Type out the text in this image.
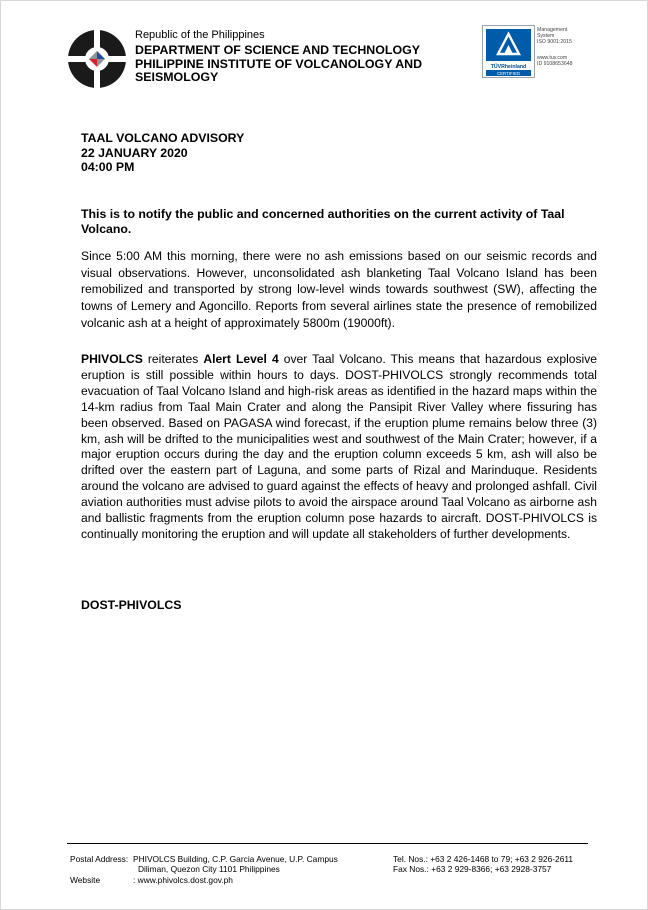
Republic of the Philippines
DEPARTMENT OF SCIENCE AND TECHNOLOGY
PHILIPPINE INSTITUTE OF VOLCANOLOGY AND SEISMOLOGY
TÜVRheinland
CERTIFIED
Management
System
ISO 9001:2015
www.tuv.com
ID 9108653648
TAAL VOLCANO ADVISORY
22 JANUARY 2020
04:00 PM
This is to notify the public and concerned authorities on the current activity of Taal Volcano.
Since 5:00 AM this morning, there were no ash emissions based on our seismic records and visual observations. However, unconsolidated ash blanketing Taal Volcano Island has been remobilized and transported by strong low-level winds towards southwest (SW), affecting the towns of Lemery and Agoncillo. Reports from several airlines state the presence of remobilized volcanic ash at a height of approximately 5800m (19000ft).
PHIVOLCS reiterates Alert Level 4 over Taal Volcano. This means that hazardous explosive eruption is still possible within hours to days. DOST-PHIVOLCS strongly recommends total evacuation of Taal Volcano Island and high-risk areas as identified in the hazard maps within the 14-km radius from Taal Main Crater and along the Pansipit River Valley where fissuring has been observed. Based on PAGASA wind forecast, if the eruption plume remains below three (3) km, ash will be drifted to the municipalities west and southwest of the Main Crater; however, if a major eruption occurs during the day and the eruption column exceeds 5 km, ash will also be drifted over the eastern part of Laguna, and some parts of Rizal and Marinduque. Residents around the volcano are advised to guard against the effects of heavy and prolonged ashfall. Civil aviation authorities must advise pilots to avoid the airspace around Taal Volcano as airborne ash and ballistic fragments from the eruption column pose hazards to aircraft. DOST-PHIVOLCS is continually monitoring the eruption and will update all stakeholders of further developments.
DOST-PHIVOLCS
Postal Address:

Website
PHIVOLCS Building, C.P. Garcia Avenue, U.P. Campus
Diliman, Quezon City 1101 Philippines
: www.phivolcs.dost.gov.ph
Tel. Nos.: +63 2 426-1468 to 79; +63 2 926-2611
Fax Nos.: +63 2 929-8366; +63 2928-3757
